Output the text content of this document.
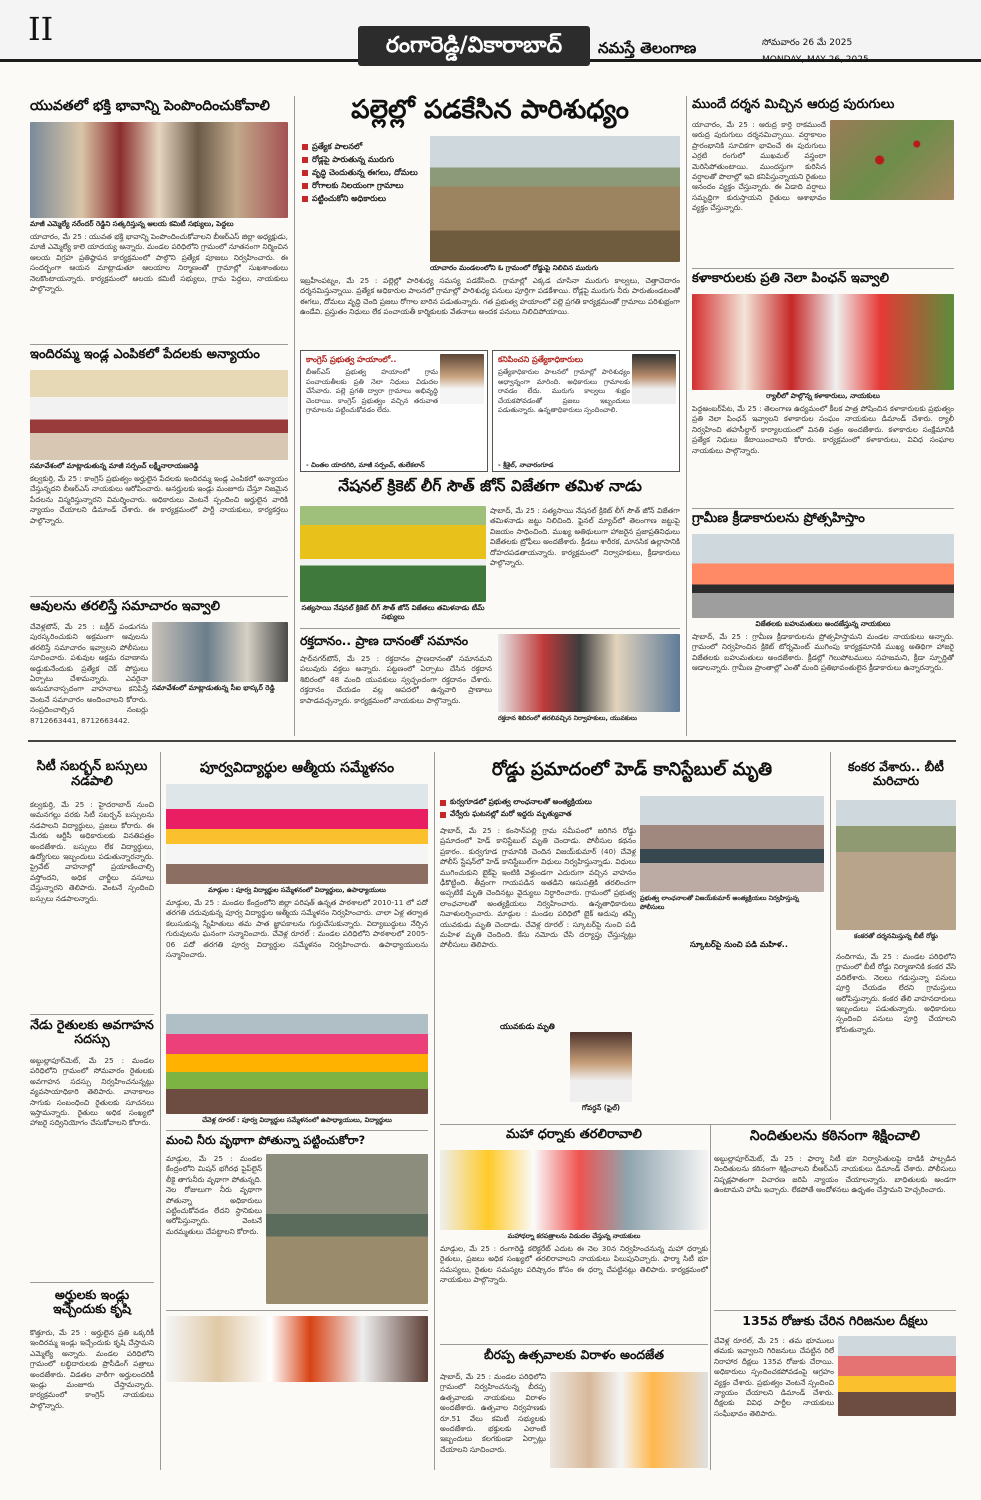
II	రంగారెడ్డి/వికారాబాద్	నమస్తే తెలంగాణ	సోమవారం 26 మే 2025
MONDAY, MAY 26, 2025
యువతలో భక్తి భావాన్ని పెంపొందించుకోవాలి
మాజీ ఎమ్మెల్యే నరేందర్ రెడ్డిని సత్కరిస్తున్న ఆలయ కమిటీ సభ్యులు, పెద్దలు
యాచారం, మే 25 : యువత భక్తి భావాన్ని పెంపొందించుకోవాలని బీఆర్ఎస్ జిల్లా అధ్యక్షుడు, మాజీ ఎమ్మెల్యే కాలె యాదయ్య అన్నారు. మండల పరిధిలోని గ్రామంలో నూతనంగా నిర్మించిన ఆలయ విగ్రహ ప్రతిష్ఠాపన కార్యక్రమంలో పాల్గొని ప్రత్యేక పూజలు నిర్వహించారు. ఈ సందర్భంగా ఆయన మాట్లాడుతూ ఆలయాల నిర్మాణంతో గ్రామాల్లో సుఖశాంతులు నెలకొంటాయన్నారు. కార్యక్రమంలో ఆలయ కమిటీ సభ్యులు, గ్రామ పెద్దలు, నాయకులు పాల్గొన్నారు.
ఇందిరమ్మ ఇండ్ల ఎంపికలో పేదలకు అన్యాయం
సమావేశంలో మాట్లాడుతున్న మాజీ సర్పంచ్ లక్ష్మీనారాయణరెడ్డి
కల్వకుర్తి, మే 25 : కాంగ్రెస్ ప్రభుత్వం అర్హులైన పేదలకు ఇందిరమ్మ ఇండ్ల ఎంపికలో అన్యాయం చేస్తున్నదని బీఆర్ఎస్ నాయకులు ఆరోపించారు. అనర్హులకు ఇండ్లు మంజూరు చేస్తూ నిజమైన పేదలను విస్మరిస్తున్నారని విమర్శించారు. అధికారులు వెంటనే స్పందించి అర్హులైన వారికి న్యాయం చేయాలని డిమాండ్ చేశారు. ఈ కార్యక్రమంలో పార్టీ నాయకులు, కార్యకర్తలు పాల్గొన్నారు.
ఆవులను తరలిస్తే సమాచారం ఇవ్వాలి
చేవెళ్లటౌన్, మే 25 : బక్రీద్ పండుగను పురస్కరించుకుని అక్రమంగా ఆవులను తరలిస్తే సమాచారం ఇవ్వాలని పోలీసులు సూచించారు. పశువుల అక్రమ రవాణాను అడ్డుకునేందుకు ప్రత్యేక చెక్ పోస్టులు ఏర్పాటు చేశామన్నారు. ఎవరైనా అనుమానాస్పదంగా వాహనాలు కనిపిస్తే వెంటనే సమాచారం అందించాలని కోరారు. సంప్రదించాల్సిన నంబర్లు 8712663441, 8712663442.
సమావేశంలో మాట్లాడుతున్న సీఐ భాస్కర్ రెడ్డి
పల్లెల్లో పడకేసిన పారిశుధ్యం
ప్రత్యేక పాలనలో
రోడ్లపై పారుతున్న మురుగు
వృద్ధి చెందుతున్న ఈగలు, దోమలు
రోగాలకు నిలయంగా గ్రామాలు
పట్టించుకోని అధికారులు
యాచారం మండలంలోని ఓ గ్రామంలో రోడ్డుపై నిలిచిన మురుగు
ఇబ్రహీంపట్నం, మే 25 : పల్లెల్లో పారిశుధ్య సమస్య పడకేసింది. గ్రామాల్లో ఎక్కడ చూసినా మురుగు కాల్వలు, చెత్తాచెదారం దర్శనమిస్తున్నాయి. ప్రత్యేక అధికారుల పాలనలో గ్రామాల్లో పారిశుధ్య పనులు పూర్తిగా పడకేశాయి. రోడ్లపై మురుగు నీరు పారుతుండటంతో ఈగలు, దోమలు వృద్ధి చెంది ప్రజలు రోగాల బారిన పడుతున్నారు. గత ప్రభుత్వ హయాంలో పల్లె ప్రగతి కార్యక్రమంతో గ్రామాలు పరిశుభ్రంగా ఉండేవి. ప్రస్తుతం నిధులు లేక పంచాయతీ కార్మికులకు వేతనాలు అందక పనులు నిలిచిపోయాయి.
కాంగ్రెస్ ప్రభుత్వ హయాంలో..
బీఆర్ఎస్ ప్రభుత్వ హయాంలో గ్రామ పంచాయతీలకు ప్రతి నెలా నిధులు విడుదల చేసేవారు. పల్లె ప్రగతి ద్వారా గ్రామాలు అభివృద్ధి చెందాయి. కాంగ్రెస్ ప్రభుత్వం వచ్చిన తరువాత గ్రామాలను పట్టించుకోవడం లేదు.
- చింతల యాదగిరి, మాజీ సర్పంచ్, తులేకలాన్
కనిపించని ప్రత్యేకాధికారులు
ప్రత్యేకాధికారుల పాలనలో గ్రామాల్లో పారిశుధ్యం అధ్వాన్నంగా మారింది. అధికారులు గ్రామాలకు రావడం లేదు. మురుగు కాల్వలు శుభ్రం చేయకపోవడంతో ప్రజలు ఇబ్బందులు పడుతున్నారు. ఉన్నతాధికారులు స్పందించాలి.
- శ్రీశైల్, నాచారంగూడ
నేషనల్ క్రికెట్ లీగ్ సౌత్ జోన్ విజేతగా తమిళ నాడు
సత్యసాయి నేషనల్ క్రికెట్ లీగ్ సౌత్ జోన్ విజేతలు తమిళనాడు టీమ్ సభ్యులు
షాబాద్, మే 25 : సత్యసాయి నేషనల్ క్రికెట్ లీగ్ సౌత్ జోన్ విజేతగా తమిళనాడు జట్టు నిలిచింది. ఫైనల్ మ్యాచ్‌లో తెలంగాణ జట్టుపై విజయం సాధించింది. ముఖ్య అతిథులుగా హాజరైన ప్రజాప్రతినిధులు విజేతలకు ట్రోఫీలు అందజేశారు. క్రీడలు శారీరక, మానసిక ఉల్లాసానికి దోహదపడతాయన్నారు. కార్యక్రమంలో నిర్వాహకులు, క్రీడాకారులు పాల్గొన్నారు.
రక్తదానం.. ప్రాణ దానంతో సమానం
షాద్‌నగర్‌టౌన్, మే 25 : రక్తదానం ప్రాణదానంతో సమానమని పలువురు వక్తలు అన్నారు. పట్టణంలో ఏర్పాటు చేసిన రక్తదాన శిబిరంలో 48 మంది యువకులు స్వచ్ఛందంగా రక్తదానం చేశారు. రక్తదానం చేయడం వల్ల ఆపదలో ఉన్నవారి ప్రాణాలు కాపాడవచ్చన్నారు. కార్యక్రమంలో నాయకులు పాల్గొన్నారు.
రక్తదాన శిబిరంలో తరలివచ్చిన నిర్వాహకులు, యువకులు
ముందే దర్శన మిచ్చిన ఆరుద్ర పురుగులు
యాచారం, మే 25 : ఆరుద్ర కార్తె రాకముందే ఆరుద్ర పురుగులు దర్శనమిచ్చాయి. వర్షాకాలం ప్రారంభానికి సూచికగా భావించే ఈ పురుగులు ఎర్రటి రంగులో ముఖమల్ వస్త్రంలా మెరిసిపోతుంటాయి. ముందస్తుగా కురిసిన వర్షాలతో పొలాల్లో ఇవి కనిపిస్తున్నాయని రైతులు ఆనందం వ్యక్తం చేస్తున్నారు. ఈ ఏడాది వర్షాలు సమృద్ధిగా కురుస్తాయని రైతులు ఆశాభావం వ్యక్తం చేస్తున్నారు.
కళాకారులకు ప్రతి నెలా పింఛన్ ఇవ్వాలి
ర్యాలీలో పాల్గొన్న కళాకారులు, నాయకులు
పెద్దఅంబర్‌పేట, మే 25 : తెలంగాణ ఉద్యమంలో కీలక పాత్ర పోషించిన కళాకారులకు ప్రభుత్వం ప్రతి నెలా పింఛన్ ఇవ్వాలని కళాకారుల సంఘం నాయకులు డిమాండ్ చేశారు. ర్యాలీ నిర్వహించి తహసీల్దార్ కార్యాలయంలో వినతి పత్రం అందజేశారు. కళాకారుల సంక్షేమానికి ప్రత్యేక నిధులు కేటాయించాలని కోరారు. కార్యక్రమంలో కళాకారులు, వివిధ సంఘాల నాయకులు పాల్గొన్నారు.
గ్రామీణ క్రీడాకారులను ప్రోత్సహిస్తాం
విజేతలకు బహుమతులు అందజేస్తున్న నాయకులు
షాబాద్, మే 25 : గ్రామీణ క్రీడాకారులను ప్రోత్సహిస్తామని మండల నాయకులు అన్నారు. గ్రామంలో నిర్వహించిన క్రికెట్ టోర్నమెంట్ ముగింపు కార్యక్రమానికి ముఖ్య అతిథిగా హాజరై విజేతలకు బహుమతులు అందజేశారు. క్రీడల్లో గెలుపోటములు సహజమని, క్రీడా స్ఫూర్తితో ఆడాలన్నారు. గ్రామీణ ప్రాంతాల్లో ఎంతో మంది ప్రతిభావంతులైన క్రీడాకారులు ఉన్నారన్నారు.
సిటీ సబర్బన్ బస్సులు నడపాలి
కల్వకుర్తి, మే 25 : హైదరాబాద్ నుంచి ఆమనగల్లు వరకు సిటీ సబర్బన్ బస్సులను నడపాలని విద్యార్థులు, ప్రజలు కోరారు. ఈ మేరకు ఆర్టీసీ అధికారులకు వినతిపత్రం అందజేశారు. బస్సులు లేక విద్యార్థులు, ఉద్యోగులు ఇబ్బందులు పడుతున్నారన్నారు. ప్రైవేట్ వాహనాల్లో ప్రయాణించాల్సి వస్తోందని, అధిక చార్జీలు వసూలు చేస్తున్నారని తెలిపారు. వెంటనే స్పందించి బస్సులు నడపాలన్నారు.
నేడు రైతులకు అవగాహన సదస్సు
అబ్దుల్లాపూర్‌మెట్, మే 25 : మండల పరిధిలోని గ్రామంలో సోమవారం రైతులకు అవగాహన సదస్సు నిర్వహించనున్నట్లు వ్యవసాయాధికారి తెలిపారు. వానాకాలం సాగుకు సంబంధించి రైతులకు సూచనలు ఇస్తామన్నారు. రైతులు అధిక సంఖ్యలో హాజరై సద్వినియోగం చేసుకోవాలని కోరారు.
అర్హులకు ఇండ్లు ఇచ్చేందుకు కృషి
కొత్తూరు, మే 25 : అర్హులైన ప్రతి ఒక్కరికీ ఇందిరమ్మ ఇండ్లు ఇచ్చేందుకు కృషి చేస్తామని ఎమ్మెల్యే అన్నారు. మండల పరిధిలోని గ్రామంలో లబ్ధిదారులకు ప్రొసీడింగ్ పత్రాలు అందజేశారు. విడతల వారీగా అర్హులందరికీ ఇండ్లు మంజూరు చేస్తామన్నారు. కార్యక్రమంలో కాంగ్రెస్ నాయకులు పాల్గొన్నారు.
పూర్వవిద్యార్థుల ఆత్మీయ సమ్మేళనం
మాడ్గుల : పూర్వ విద్యార్థుల సమ్మేళనంలో విద్యార్థులు, ఉపాధ్యాయులు
మాడ్గుల, మే 25 : మండల కేంద్రంలోని జిల్లా పరిషత్ ఉన్నత పాఠశాలలో 2010-11 లో పదో తరగతి చదువుకున్న పూర్వ విద్యార్థుల ఆత్మీయ సమ్మేళనం నిర్వహించారు. చాలా ఏళ్ల తర్వాత కలుసుకున్న స్నేహితులు తమ పాత జ్ఞాపకాలను గుర్తుచేసుకున్నారు. విద్యాబుద్ధులు నేర్పిన గురువులను ఘనంగా సన్మానించారు. చేవెళ్ల రూరల్ : మండల పరిధిలోని పాఠశాలలో 2005-06 పదో తరగతి పూర్వ విద్యార్థుల సమ్మేళనం నిర్వహించారు. ఉపాధ్యాయులను సన్మానించారు.
చేవెళ్ల రూరల్ : పూర్వ విద్యార్థుల సమ్మేళనంలో ఉపాధ్యాయులు, విద్యార్థులు
మంచి నీరు వృథాగా పోతున్నా పట్టించుకోరా?
మాడ్గుల, మే 25 : మండల కేంద్రంలోని మిషన్ భగీరథ పైప్‌లైన్ లీకై తాగునీరు వృథాగా పోతున్నది. నెల రోజులుగా నీరు వృథాగా పోతున్నా అధికారులు పట్టించుకోవడం లేదని స్థానికులు ఆరోపిస్తున్నారు. వెంటనే మరమ్మతులు చేపట్టాలని కోరారు.
రోడ్డు ప్రమాదంలో హెడ్ కానిస్టేబుల్ మృతి
కుర్వగూడలో ప్రభుత్వ లాంఛనాలతో అంత్యక్రియలు
వేర్వేరు ఘటనల్లో మరో ఇద్దరు మృత్యువాత
ప్రభుత్వ లాంఛనాలతో విజయ్‌కుమార్ అంత్యక్రియలు నిర్వహిస్తున్న పోలీసులు
షాబాద్, మే 25 : కంసాన్‌పల్లి గ్రామ సమీపంలో జరిగిన రోడ్డు ప్రమాదంలో హెడ్ కానిస్టేబుల్ మృతి చెందాడు. పోలీసుల కథనం ప్రకారం.. కుర్వగూడ గ్రామానికి చెందిన విజయ్‌కుమార్ (40) చేవెళ్ల పోలీస్ స్టేషన్‌లో హెడ్ కానిస్టేబుల్‌గా విధులు నిర్వహిస్తున్నాడు. విధులు ముగించుకుని బైక్‌పై ఇంటికి వెళ్తుండగా ఎదురుగా వచ్చిన వాహనం ఢీకొట్టింది. తీవ్రంగా గాయపడిన అతడిని ఆసుపత్రికి తరలించగా అప్పటికే మృతి చెందినట్లు వైద్యులు నిర్ధారించారు. గ్రామంలో ప్రభుత్వ లాంఛనాలతో అంత్యక్రియలు నిర్వహించారు. ఉన్నతాధికారులు నివాళులర్పించారు. మాడ్గుల : మండల పరిధిలో బైక్ అదుపు తప్పి యువకుడు మృతి చెందాడు. చేవెళ్ల రూరల్ : స్కూటర్‌పై నుంచి పడి మహిళ మృతి చెందింది. కేసు నమోదు చేసి దర్యాప్తు చేస్తున్నట్లు పోలీసులు తెలిపారు.
యువకుడు మృతి
గోవర్ధన్ (ఫైల్)
స్కూటర్‌పై నుంచి పడి మహిళ..
మహా ధర్నాకు తరలిరావాలి
మహాధర్నా కరపత్రాలను విడుదల చేస్తున్న నాయకులు
మాడ్గుల, మే 25 : రంగారెడ్డి కలెక్టరేట్ ఎదుట ఈ నెల 30న నిర్వహించనున్న మహా ధర్నాకు రైతులు, ప్రజలు అధిక సంఖ్యలో తరలిరావాలని నాయకులు పిలుపునిచ్చారు. ఫార్మా సిటీ భూ సమస్యలు, రైతుల సమస్యల పరిష్కారం కోసం ఈ ధర్నా చేపట్టినట్లు తెలిపారు. కార్యక్రమంలో నాయకులు పాల్గొన్నారు.
బీరప్ప ఉత్సవాలకు విరాళం అందజేత
షాబాద్, మే 25 : మండల పరిధిలోని గ్రామంలో నిర్వహించనున్న బీరప్ప ఉత్సవాలకు నాయకులు విరాళం అందజేశారు. ఉత్సవాల నిర్వహణకు రూ.51 వేలు కమిటీ సభ్యులకు అందజేశారు. భక్తులకు ఎలాంటి ఇబ్బందులు కలగకుండా ఏర్పాట్లు చేయాలని సూచించారు.
కంకర వేశారు.. బీటీ మరిచారు
కంకరతో దర్శనమిస్తున్న బీటీ రోడ్డు
నందిగామ, మే 25 : మండల పరిధిలోని గ్రామంలో బీటీ రోడ్డు నిర్మాణానికి కంకర వేసి వదిలేశారు. నెలలు గడుస్తున్నా పనులు పూర్తి చేయడం లేదని గ్రామస్తులు ఆరోపిస్తున్నారు. కంకర తేలి వాహనదారులు ఇబ్బందులు పడుతున్నారు. అధికారులు స్పందించి పనులు పూర్తి చేయాలని కోరుతున్నారు.
నిందితులను కఠినంగా శిక్షించాలి
అబ్దుల్లాపూర్‌మెట్, మే 25 : ఫార్మా సిటీ భూ నిర్వాసితులపై దాడికి పాల్పడిన నిందితులను కఠినంగా శిక్షించాలని బీఆర్ఎస్ నాయకులు డిమాండ్ చేశారు. పోలీసులు నిష్పక్షపాతంగా విచారణ జరిపి న్యాయం చేయాలన్నారు. బాధితులకు అండగా ఉంటామని హామీ ఇచ్చారు. లేకపోతే ఆందోళనలు ఉధృతం చేస్తామని హెచ్చరించారు.
135వ రోజుకు చేరిన గిరిజనుల దీక్షలు
చేవెళ్ల రూరల్, మే 25 : తమ భూములు తమకు ఇవ్వాలని గిరిజనులు చేపట్టిన రిలే నిరాహార దీక్షలు 135వ రోజుకు చేరాయి. అధికారులు స్పందించకపోవడంపై ఆగ్రహం వ్యక్తం చేశారు. ప్రభుత్వం వెంటనే స్పందించి న్యాయం చేయాలని డిమాండ్ చేశారు. దీక్షలకు వివిధ పార్టీల నాయకులు సంఘీభావం తెలిపారు.
